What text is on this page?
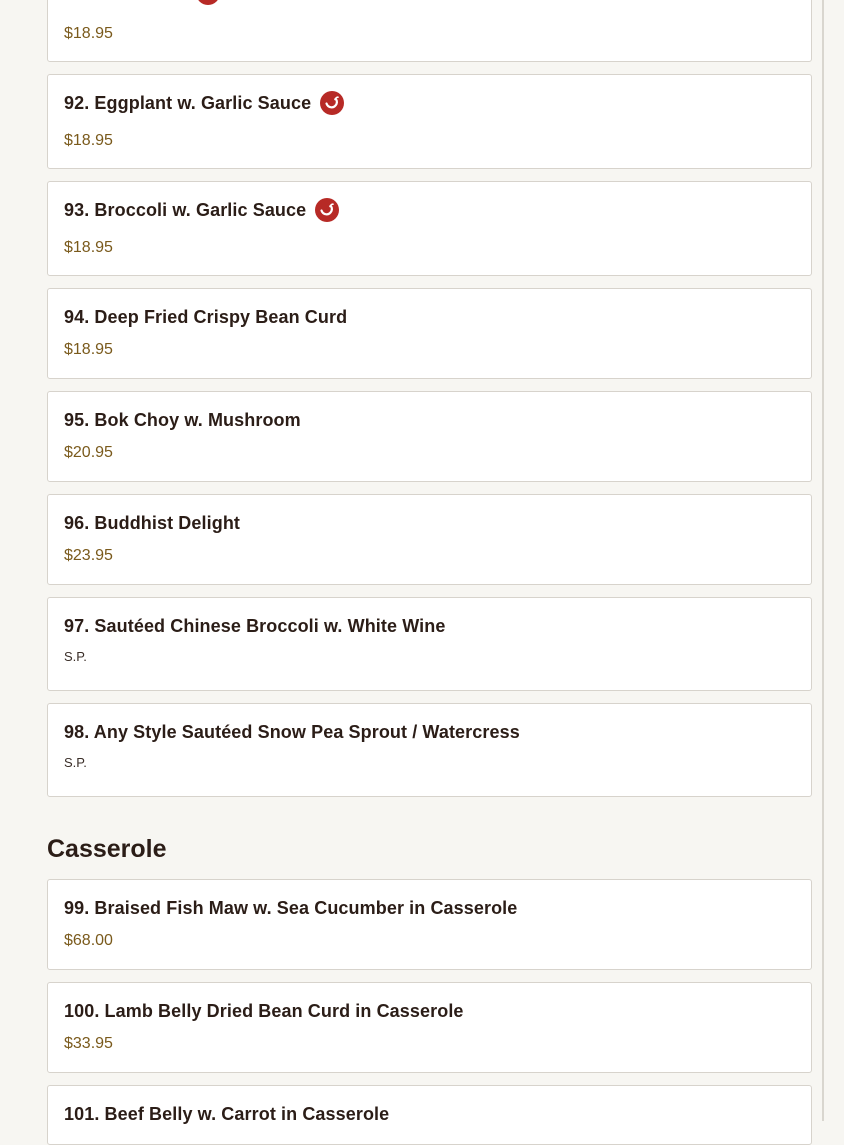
$18.95
92. Eggplant w. Garlic Sauce
$18.95
93. Broccoli w. Garlic Sauce
$18.95
94. Deep Fried Crispy Bean Curd
$18.95
95. Bok Choy w. Mushroom
$20.95
96. Buddhist Delight
$23.95
97. Sautéed Chinese Broccoli w. White Wine
S.P.
98. Any Style Sautéed Snow Pea Sprout / Watercress
S.P.
Casserole
99. Braised Fish Maw w. Sea Cucumber in Casserole
$68.00
100. Lamb Belly Dried Bean Curd in Casserole
$33.95
101. Beef Belly w. Carrot in Casserole
